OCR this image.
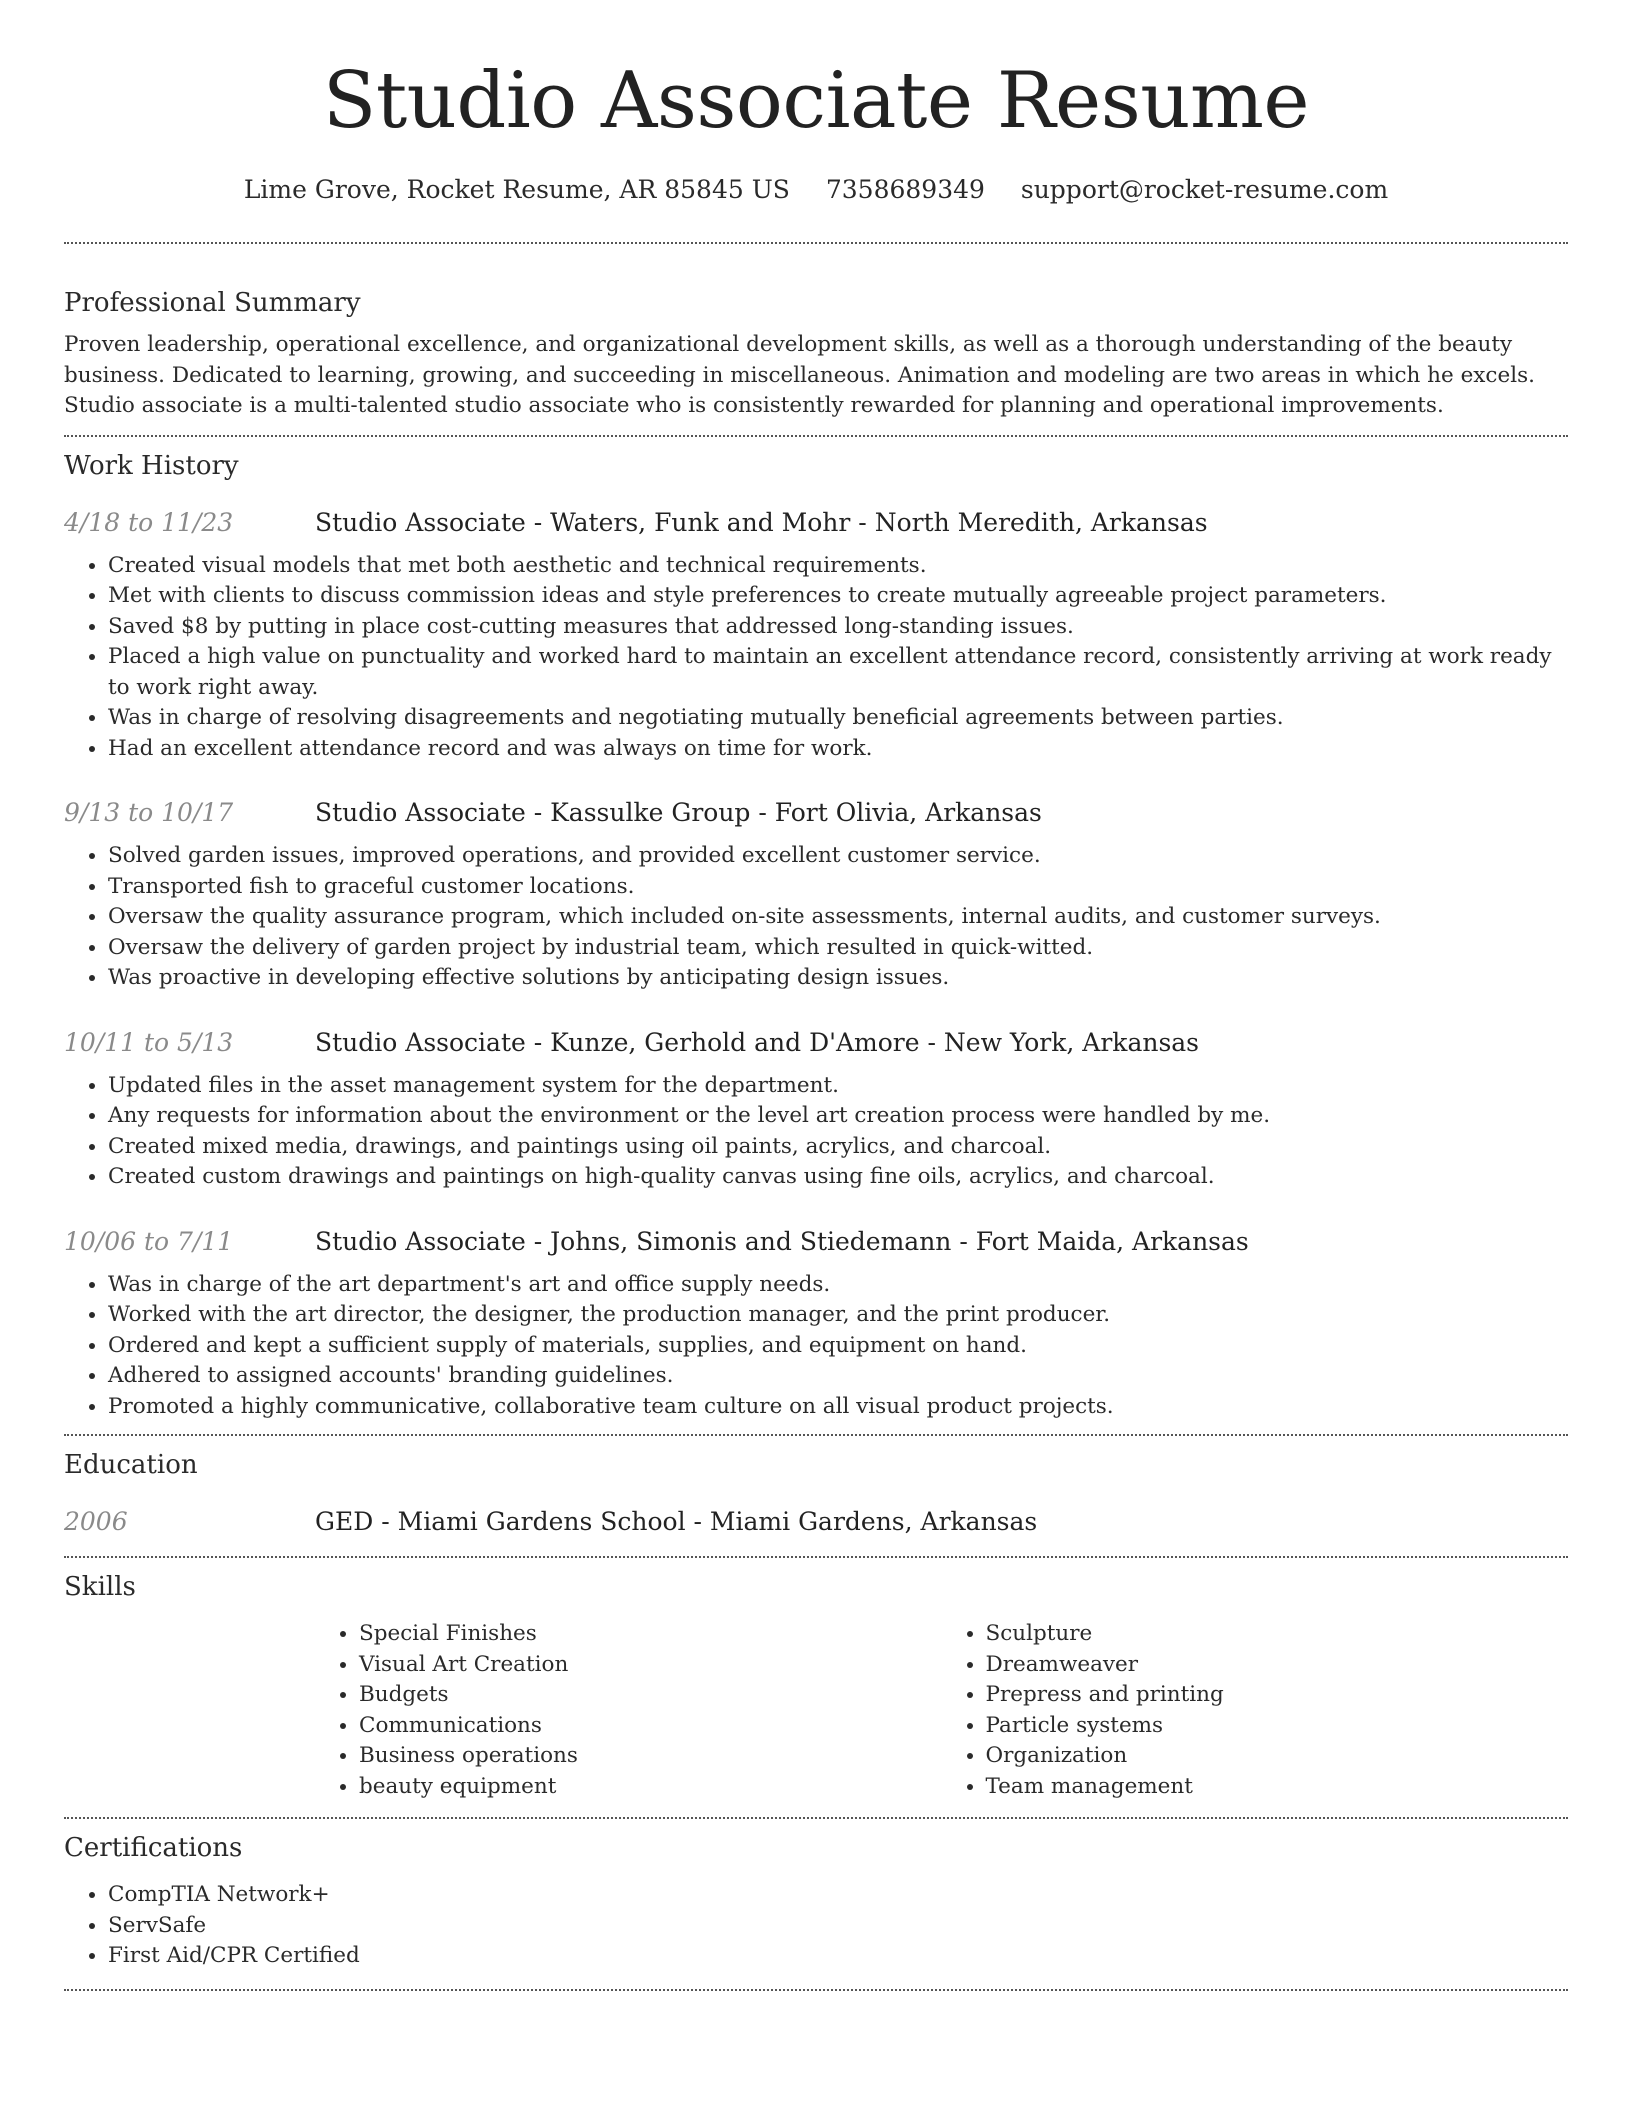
Studio Associate Resume
Lime Grove, Rocket Resume, AR 85845 US 7358689349 support@rocket-resume.com
Professional Summary

Proven leadership, operational excellence, and organizational development skills, as well as a thorough understanding of the beauty business. Dedicated to learning, growing, and succeeding in miscellaneous. Animation and modeling are two areas in which he excels. Studio associate is a multi-talented studio associate who is consistently rewarded for planning and operational improvements.

Work History
4/18 to 11/23	Studio Associate - Waters, Funk and Mohr - North Meredith, Arkansas
• Created visual models that met both aesthetic and technical requirements.
• Met with clients to discuss commission ideas and style preferences to create mutually agreeable project parameters.
• Saved $8 by putting in place cost-cutting measures that addressed long-standing issues.
• Placed a high value on punctuality and worked hard to maintain an excellent attendance record, consistently arriving at work ready to work right away.
• Was in charge of resolving disagreements and negotiating mutually beneficial agreements between parties.
• Had an excellent attendance record and was always on time for work.
9/13 to 10/17	Studio Associate - Kassulke Group - Fort Olivia, Arkansas
• Solved garden issues, improved operations, and provided excellent customer service.
• Transported fish to graceful customer locations.
• Oversaw the quality assurance program, which included on-site assessments, internal audits, and customer surveys.
• Oversaw the delivery of garden project by industrial team, which resulted in quick-witted.
• Was proactive in developing effective solutions by anticipating design issues.
10/11 to 5/13	Studio Associate - Kunze, Gerhold and D'Amore - New York, Arkansas
• Updated files in the asset management system for the department.
• Any requests for information about the environment or the level art creation process were handled by me.
• Created mixed media, drawings, and paintings using oil paints, acrylics, and charcoal.
• Created custom drawings and paintings on high-quality canvas using fine oils, acrylics, and charcoal.
10/06 to 7/11	Studio Associate - Johns, Simonis and Stiedemann - Fort Maida, Arkansas
• Was in charge of the art department's art and office supply needs.
• Worked with the art director, the designer, the production manager, and the print producer.
• Ordered and kept a sufficient supply of materials, supplies, and equipment on hand.
• Adhered to assigned accounts' branding guidelines.
• Promoted a highly communicative, collaborative team culture on all visual product projects.
Education
2006	GED - Miami Gardens School - Miami Gardens, Arkansas
Skills
• Special Finishes
• Visual Art Creation
• Budgets
• Communications
• Business operations
• beauty equipment
• Sculpture
• Dreamweaver
• Prepress and printing
• Particle systems
• Organization
• Team management
Certifications
• CompTIA Network+
• ServSafe
• First Aid/CPR Certified
